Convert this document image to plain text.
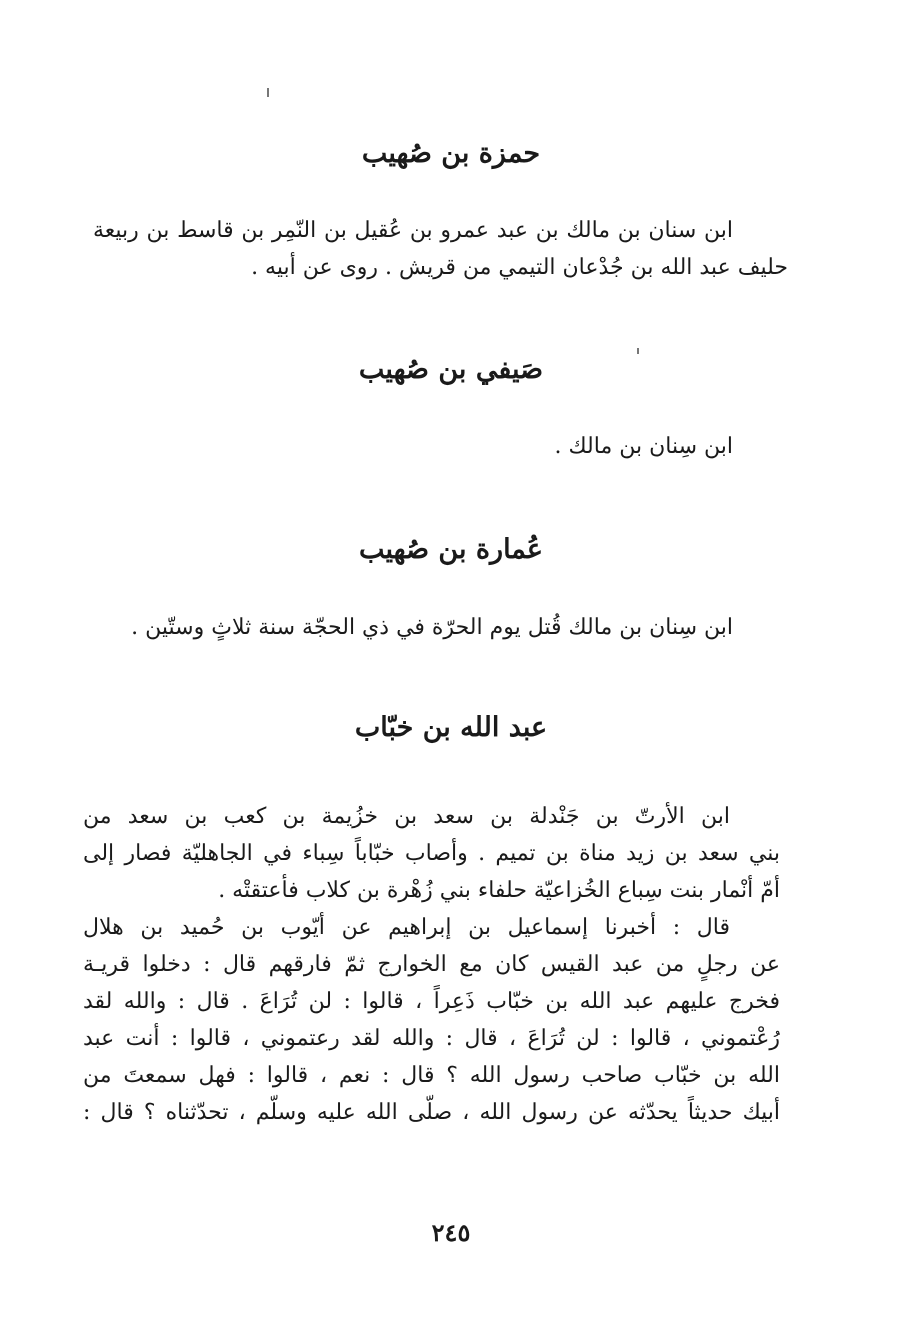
حمزة بن صُهيب
ابن سنان بن مالك بن عبد عمرو بن عُقيل بن النّمِر بن قاسط بن ربيعة
حليف عبد الله بن جُدْعان التيمي من قريش . روى عن أبيه .
صَيفي بن صُهيب
ابن سِنان بن مالك .
عُمارة بن صُهيب
ابن سِنان بن مالك قُتل يوم الحرّة في ذي الحجّة سنة ثلاثٍ وستّين .
عبد الله بن خبّاب
ابن الأرتّ بن جَنْدلة بن سعد بن خزُيمة بن كعب بن سعد من
بني سعد بن زيد مناة بن تميم . وأصاب خبّاباً سِباء في الجاهليّة فصار إلى
أمّ أنْمار بنت سِباع الخُزاعيّة حلفاء بني زُهْرة بن كلاب فأعتقتْه .
قال : أخبرنا إسماعيل بن إبراهيم عن أيّوب بن حُميد بن هلال
عن رجلٍ من عبد القيس كان مع الخوارج ثمّ فارقهم قال : دخلوا قريـة
فخرج عليهم عبد الله بن خبّاب ذَعِراً ، قالوا : لن تُرَاعَ . قال : والله لقد
رُعْتموني ، قالوا : لن تُرَاعَ ، قال : والله لقد رعتموني ، قالوا : أنت عبد
الله بن خبّاب صاحب رسول الله ؟ قال : نعم ، قالوا : فهل سمعتَ من
أبيك حديثاً يحدّثه عن رسول الله ، صلّى الله عليه وسلّم ، تحدّثناه ؟ قال :
٢٤٥
